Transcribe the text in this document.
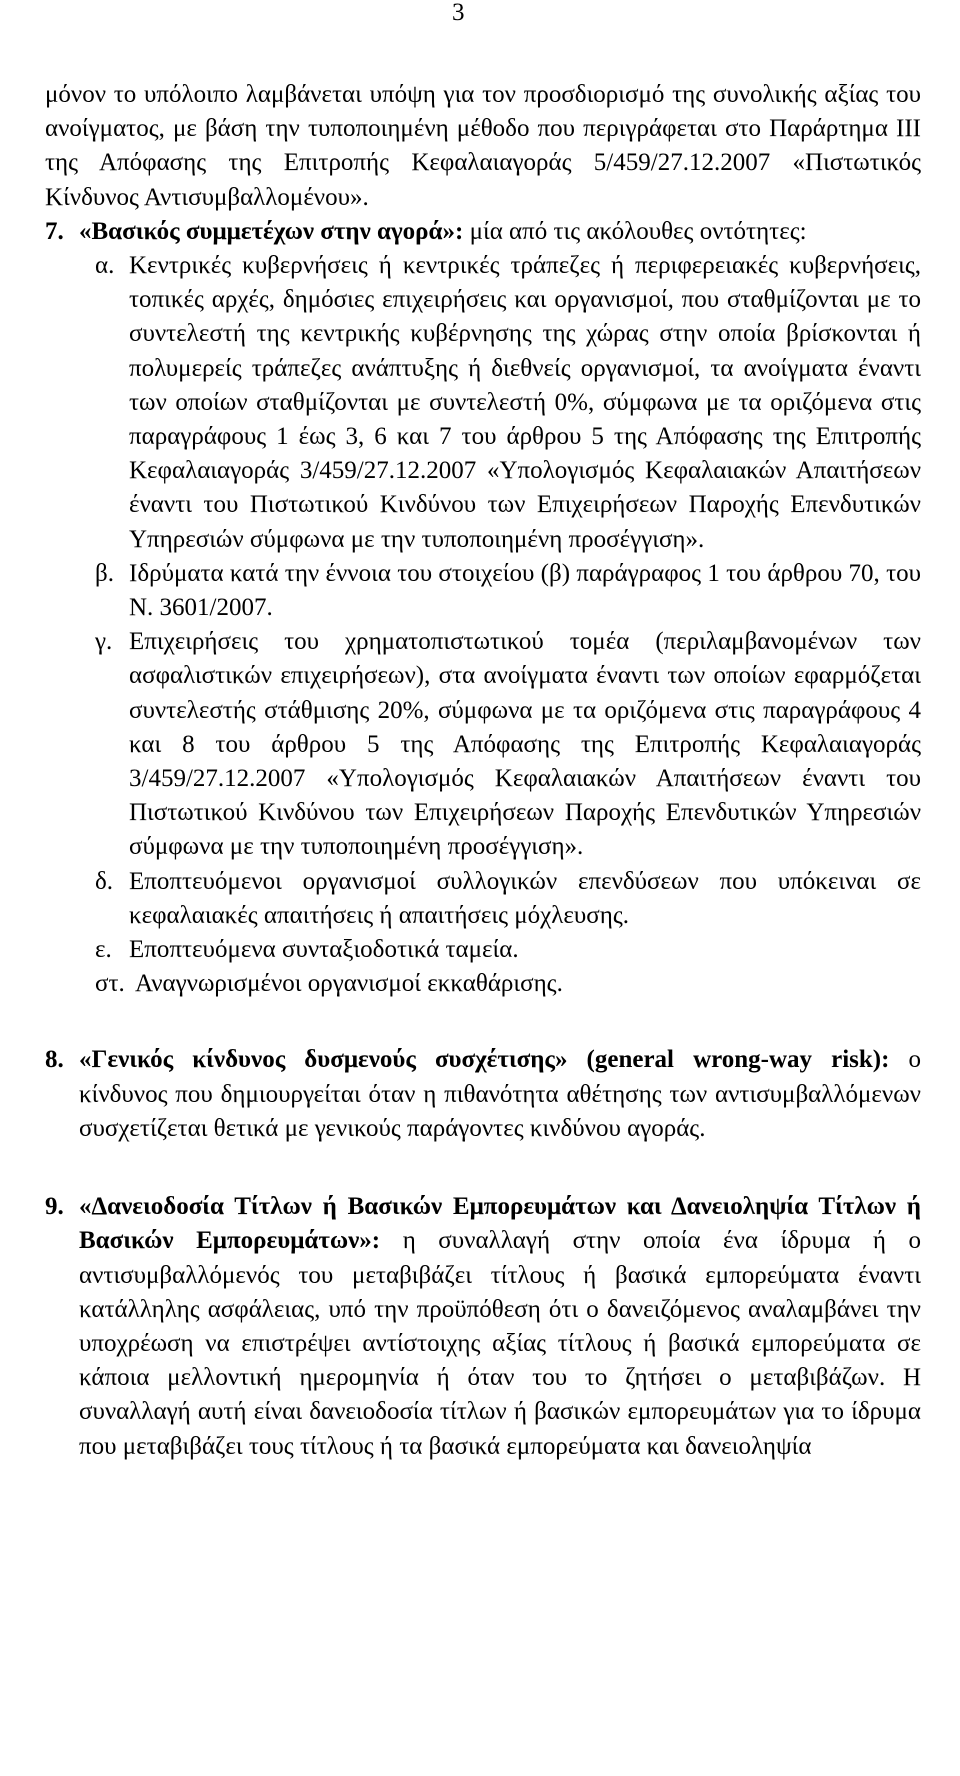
3

μόνον το υπόλοιπο λαμβάνεται υπόψη για τον προσδιορισμό της συνολικής αξίας του ανοίγματος, με βάση την τυποποιημένη μέθοδο που περιγράφεται στο Παράρτημα ΙΙΙ της Απόφασης της Επιτροπής Κεφαλαιαγοράς 5/459/27.12.2007 «Πιστωτικός Κίνδυνος Αντισυμβαλλομένου».

7. «Βασικός συμμετέχων στην αγορά»: μία από τις ακόλουθες οντότητες:
α. Κεντρικές κυβερνήσεις ή κεντρικές τράπεζες ή περιφερειακές κυβερνήσεις, τοπικές αρχές, δημόσιες επιχειρήσεις και οργανισμοί, που σταθμίζονται με το συντελεστή της κεντρικής κυβέρνησης της χώρας στην οποία βρίσκονται ή πολυμερείς τράπεζες ανάπτυξης ή διεθνείς οργανισμοί, τα ανοίγματα έναντι των οποίων σταθμίζονται με συντελεστή 0%, σύμφωνα με τα οριζόμενα στις παραγράφους 1 έως 3, 6 και 7 του άρθρου 5 της Απόφασης της Επιτροπής Κεφαλαιαγοράς 3/459/27.12.2007 «Υπολογισμός Κεφαλαιακών Απαιτήσεων έναντι του Πιστωτικού Κινδύνου των Επιχειρήσεων Παροχής Επενδυτικών Υπηρεσιών σύμφωνα με την τυποποιημένη προσέγγιση».
β. Ιδρύματα κατά την έννοια του στοιχείου (β) παράγραφος 1 του άρθρου 70, του Ν. 3601/2007.
γ. Επιχειρήσεις του χρηματοπιστωτικού τομέα (περιλαμβανομένων των ασφαλιστικών επιχειρήσεων), στα ανοίγματα έναντι των οποίων εφαρμόζεται συντελεστής στάθμισης 20%, σύμφωνα με τα οριζόμενα στις παραγράφους 4 και 8 του άρθρου 5 της Απόφασης της Επιτροπής Κεφαλαιαγοράς 3/459/27.12.2007 «Υπολογισμός Κεφαλαιακών Απαιτήσεων έναντι του Πιστωτικού Κινδύνου των Επιχειρήσεων Παροχής Επενδυτικών Υπηρεσιών σύμφωνα με την τυποποιημένη προσέγγιση».
δ. Εποπτευόμενοι οργανισμοί συλλογικών επενδύσεων που υπόκειναι σε κεφαλαιακές απαιτήσεις ή απαιτήσεις μόχλευσης.
ε. Εποπτευόμενα συνταξιοδοτικά ταμεία.
στ. Αναγνωρισμένοι οργανισμοί εκκαθάρισης.
8. «Γενικός κίνδυνος δυσμενούς συσχέτισης» (general wrong-way risk): ο κίνδυνος που δημιουργείται όταν η πιθανότητα αθέτησης των αντισυμβαλλόμενων συσχετίζεται θετικά με γενικούς παράγοντες κινδύνου αγοράς.
9. «Δανειοδοσία Τίτλων ή Βασικών Εμπορευμάτων και Δανειοληψία Τίτλων ή Βασικών Εμπορευμάτων»: η συναλλαγή στην οποία ένα ίδρυμα ή ο αντισυμβαλλόμενός του μεταβιβάζει τίτλους ή βασικά εμπορεύματα έναντι κατάλληλης ασφάλειας, υπό την προϋπόθεση ότι ο δανειζόμενος αναλαμβάνει την υποχρέωση να επιστρέψει αντίστοιχης αξίας τίτλους ή βασικά εμπορεύματα σε κάποια μελλοντική ημερομηνία ή όταν του το ζητήσει ο μεταβιβάζων. Η συναλλαγή αυτή είναι δανειοδοσία τίτλων ή βασικών εμπορευμάτων για το ίδρυμα που μεταβιβάζει τους τίτλους ή τα βασικά εμπορεύματα και δανειοληψία
